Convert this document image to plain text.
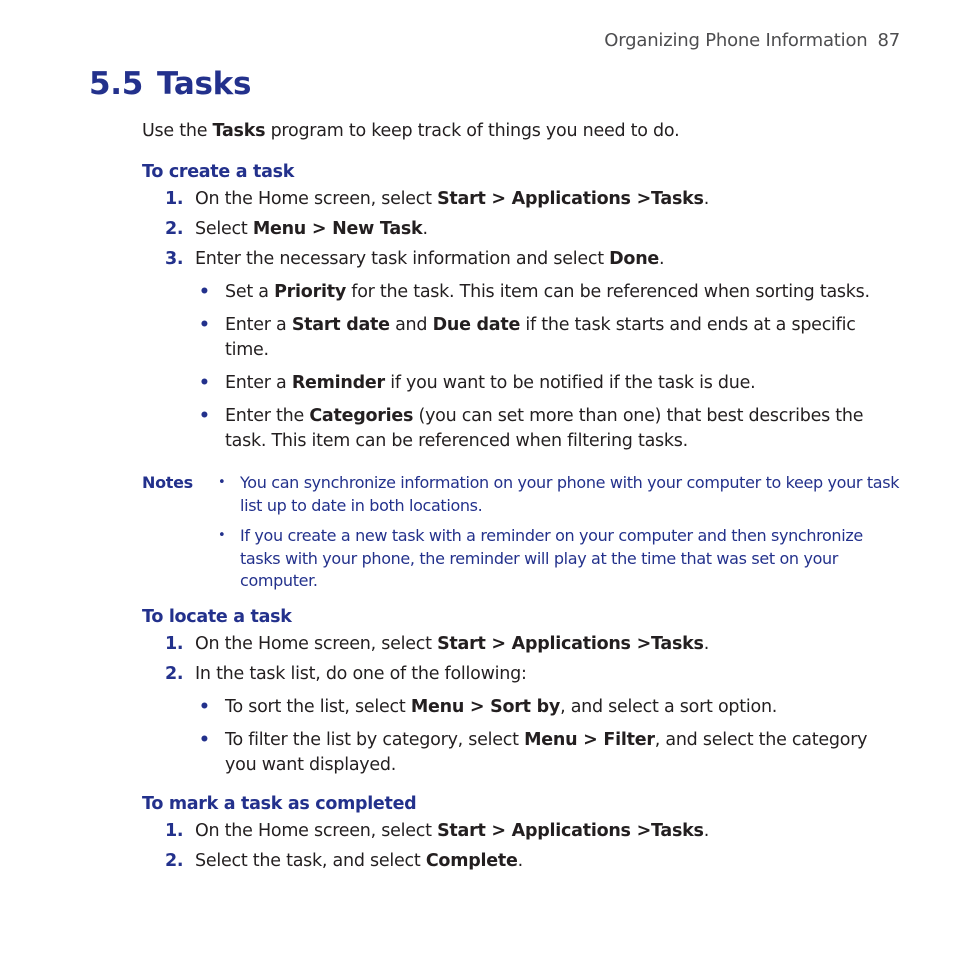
Organizing Phone Information 87
5.5 Tasks

Use the Tasks program to keep track of things you need to do.

To create a task
1. On the Home screen, select Start > Applications >Tasks.
2. Select Menu > New Task.
3. Enter the necessary task information and select Done.
• Set a Priority for the task. This item can be referenced when sorting tasks.
• Enter a Start date and Due date if the task starts and ends at a specific time.
• Enter a Reminder if you want to be notified if the task is due.
• Enter the Categories (you can set more than one) that best describes the task. This item can be referenced when filtering tasks.
Notes • You can synchronize information on your phone with your computer to keep your task list up to date in both locations.
• If you create a new task with a reminder on your computer and then synchronize tasks with your phone, the reminder will play at the time that was set on your computer.
To locate a task
1. On the Home screen, select Start > Applications >Tasks.
2. In the task list, do one of the following:
• To sort the list, select Menu > Sort by, and select a sort option.
• To filter the list by category, select Menu > Filter, and select the category you want displayed.
To mark a task as completed
1. On the Home screen, select Start > Applications >Tasks.
2. Select the task, and select Complete.
